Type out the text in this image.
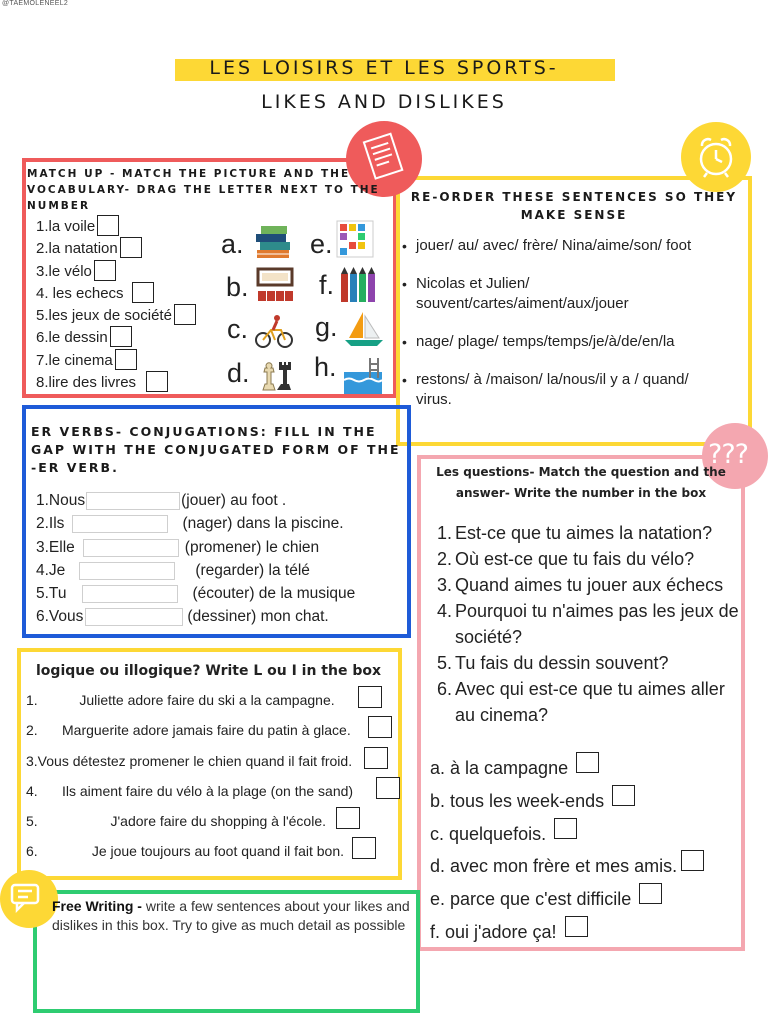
@TAEMOLENEEL2
LES LOISIRS ET LES SPORTS-
LIKES AND DISLIKES
???
MATCH UP - MATCH THE PICTURE AND THE VOCABULARY- DRAG THE LETTER NEXT TO THE NUMBER
1.la voile
2.la natation
3.le vélo
4. les echecs
5.les jeux de société
6.le dessin
7.le cinema
8.lire des livres
a.
b.
c.
d.
e.
f.
g.
h.
RE-ORDER THESE SENTENCES SO THEY MAKE SENSE
• jouer/ au/ avec/ frère/ Nina/aime/son/ foot
• Nicolas et Julien/ souvent/cartes/aiment/aux/jouer
• nage/ plage/ temps/temps/je/à/de/en/la
• restons/ à /maison/ la/nous/il y a / quand/ virus.
ER VERBS- CONJUGATIONS: FILL IN THE GAP WITH THE CONJUGATED FORM OF THE -ER VERB.
1.Nous	(jouer) au foot .
2.Ils	(nager) dans la piscine.
3.Elle	(promener) le chien
4.Je	(regarder) la télé
5.Tu	(écouter) de la musique
6.Vous	(dessiner) mon chat.
Les questions- Match the question and the answer- Write the number in the box
1. Est-ce que tu aimes la natation?
2. Où est-ce que tu fais du vélo?
3. Quand aimes tu jouer aux échecs
4. Pourquoi tu n'aimes pas les jeux de société?
5. Tu fais du dessin souvent?
6. Avec qui est-ce que tu aimes aller au cinema?
a. à la campagne
b. tous les week-ends
c. quelquefois.
d. avec mon frère et mes amis.
e. parce que c'est difficile
f. oui j'adore ça!
logique ou illogique? Write L ou I in the box
1.	Juliette adore faire du ski a la campagne.
2. Marguerite adore jamais faire du patin à glace.
3.Vous détestez promener le chien quand il fait froid.
4. Ils aiment faire du vélo à la plage (on the sand)
5.	J'adore faire du shopping à l'école.
6.	Je joue toujours au foot quand il fait bon.
Free Writing - write a few sentences about your likes and dislikes in this box. Try to give as much detail as possible
